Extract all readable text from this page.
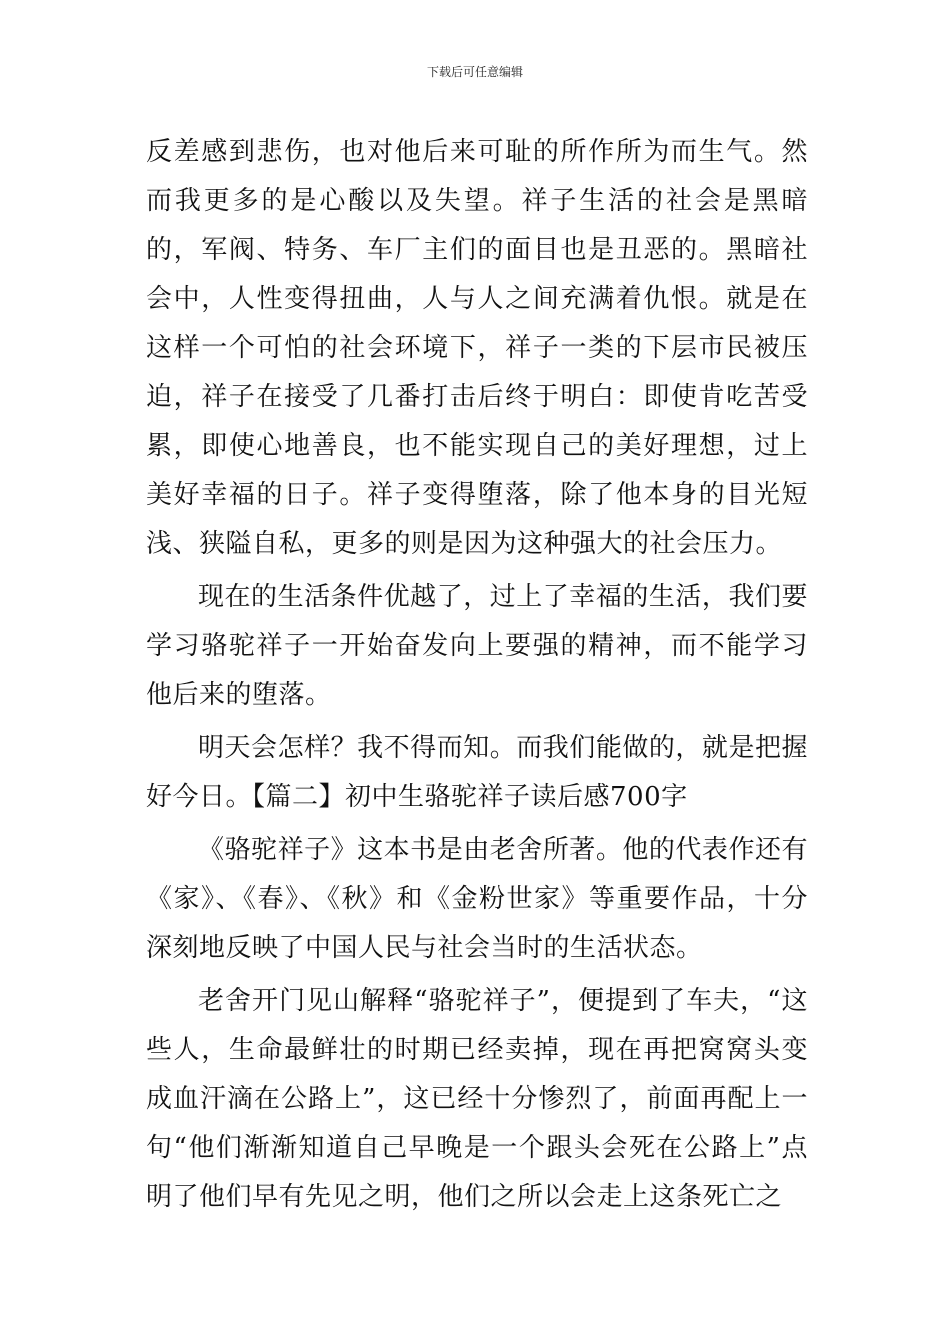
下载后可任意编辑

反差感到悲伤，也对他后来可耻的所作所为而生气。然而我更多的是心酸以及失望。祥子生活的社会是黑暗的，军阀、特务、车厂主们的面目也是丑恶的。黑暗社会中，人性变得扭曲，人与人之间充满着仇恨。就是在这样一个可怕的社会环境下，祥子一类的下层市民被压迫，祥子在接受了几番打击后终于明白：即使肯吃苦受累，即使心地善良，也不能实现自己的美好理想，过上美好幸福的日子。祥子变得堕落，除了他本身的目光短浅、狭隘自私，更多的则是因为这种强大的社会压力。

现在的生活条件优越了，过上了幸福的生活，我们要学习骆驼祥子一开始奋发向上要强的精神，而不能学习他后来的堕落。

明天会怎样？我不得而知。而我们能做的，就是把握好今日。【篇二】初中生骆驼祥子读后感700字

《骆驼祥子》这本书是由老舍所著。他的代表作还有《家》、《春》、《秋》和《金粉世家》等重要作品，十分深刻地反映了中国人民与社会当时的生活状态。

老舍开门见山解释“骆驼祥子”，便提到了车夫，“这些人，生命最鲜壮的时期已经卖掉，现在再把窝窝头变成血汗滴在公路上”，这已经十分惨烈了，前面再配上一句“他们渐渐知道自己早晚是一个跟头会死在公路上”点明了他们早有先见之明，他们之所以会走上这条死亡之
